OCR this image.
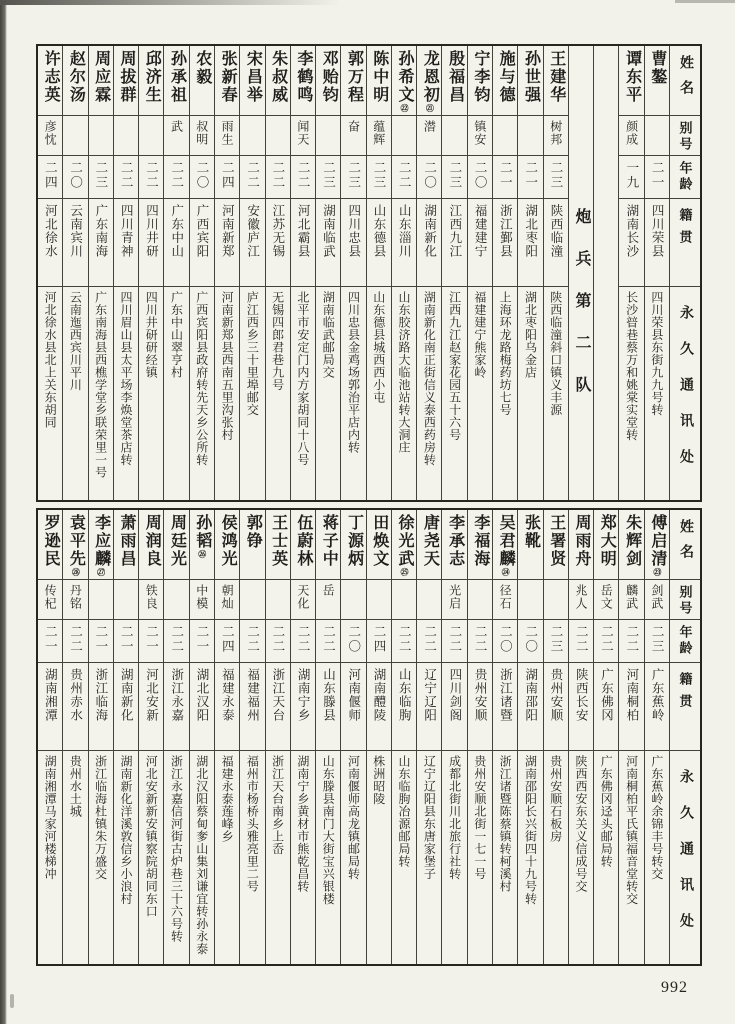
姓名
别号
年龄
籍贯
永久通讯处
曹鏊
二一
四川荣县
四川荣县东街九九号转
谭东平
颜成
一九
湖南长沙
长沙暜巷蔡万和姚棠实堂转
炮兵第二队
王建华
树邦
二三
陕西临潼
陕西临潼斜口镇义丰源
孙世强
二一
湖北枣阳
湖北枣阳乌金店
施与德
二一
浙江鄞县
上海环龙路梅药坊七号
宁李钧
镇安
二〇
福建建宁
福建建宁熊家岭
殷福昌
二三
江西九江
江西九江赵家花园五十六号
龙恩初㉑
潜
二〇
湖南新化
湖南新化南正街信义泰西药房转
孙希文㉒
二二
山东淄川
山东胶济路大临池站转大洞庄
陈中明
蕴辉
二三
山东德县
山东德县城西西小屯
郭万程
奋
二三
四川忠县
四川忠县金鸡场郭治平店内转
邓贻钧
二三
湖南临武
湖南临武邮局交
李鹤鸣
闻天
二二
河北霸县
北平市安定门内方家胡同十八号
朱叔威
二二
江苏无锡
无锡四郎君巷九号
宋昌举
二二
安徽庐江
庐江西乡三十里埠邮交
张新春
雨生
二四
河南新郑
河南新郑县西南五里沟张村
农毅
叔明
二〇
广西宾阳
广西宾阳县政府转先天乡公所转
孙承祖
武
二二
广东中山
广东中山翠亨村
邱济生
二二
四川井研
四川井研研经镇
周拔群
二二
四川青神
四川眉山县太平场李焕堂茶店转
周应霖
二三
广东南海
广东南海县西樵学堂乡联荣里一号
赵尔汤
二〇
云南宾川
云南迤西宾川平川
许志英
彦忱
二四
河北徐水
河北徐水县北上关东胡同
姓名
别号
年龄
籍贯
永久通讯处
傅启清㉓
剑武
二三
广东蕉岭
广东蕉岭余锦丰号转交
朱辉剑
麟武
二二
河南桐柏
河南桐柏平氏镇福音堂转交
郑大明
岳文
二二
广东佛冈
广东佛冈迳头邮局转
周雨舟
兆人
二二
陕西长安
陕西西安东关义信成号交
王署贤
二三
贵州安顺
贵州安顺石板房
张靴
二〇
湖南邵阳
湖南邵阳长兴街四十九号转
吴君麟㉔
径石
二〇
浙江诸暨
浙江诸暨陈蔡镇转柯溪村
李福海
二二
贵州安顺
贵州安顺北街一七一号
李承志
光启
二二
四川剑阁
成都北街川北旅行社转
唐尧天
二二
辽宁辽阳
辽宁辽阳县东唐家堡子
徐光武㉕
二二
山东临朐
山东临朐冶源邮局转
田焕文
二四
湖南醴陵
株洲昭陵
丁源炳
二〇
河南偃师
河南偃师高龙镇邮局转
蒋子中
岳
二二
山东滕县
山东滕县南门大街宝兴银楼
伍蔚林
天化
二二
湖南宁乡
湖南宁乡黄材市熊乾昌转
王士英
二二
浙江天台
浙江天台南乡上岙
郭铮
二二
福建福州
福州市杨桥头雅亮里二号
侯鸿光
朝灿
二四
福建永泰
福建永泰莲峰乡
孙韬㉖
中模
二一
湖北汉阳
湖北汉阳蔡甸奓山集刘谦宜转孙永泰
周廷光
二二
浙江永嘉
浙江永嘉信河街古炉巷三十六号转
周润良
铁良
二一
河北安新
河北安新新安镇察院胡同东口
萧雨昌
二一
湖南新化
湖南新化洋溪敦信乡小浪村
李应麟㉗
二一
浙江临海
浙江临海杜镇朱万盛交
袁平先㉘
丹铭
二二
贵州赤水
贵州水土城
罗逊民
传杞
二一
湖南湘潭
湖南湘潭马家河楼梯冲
992
